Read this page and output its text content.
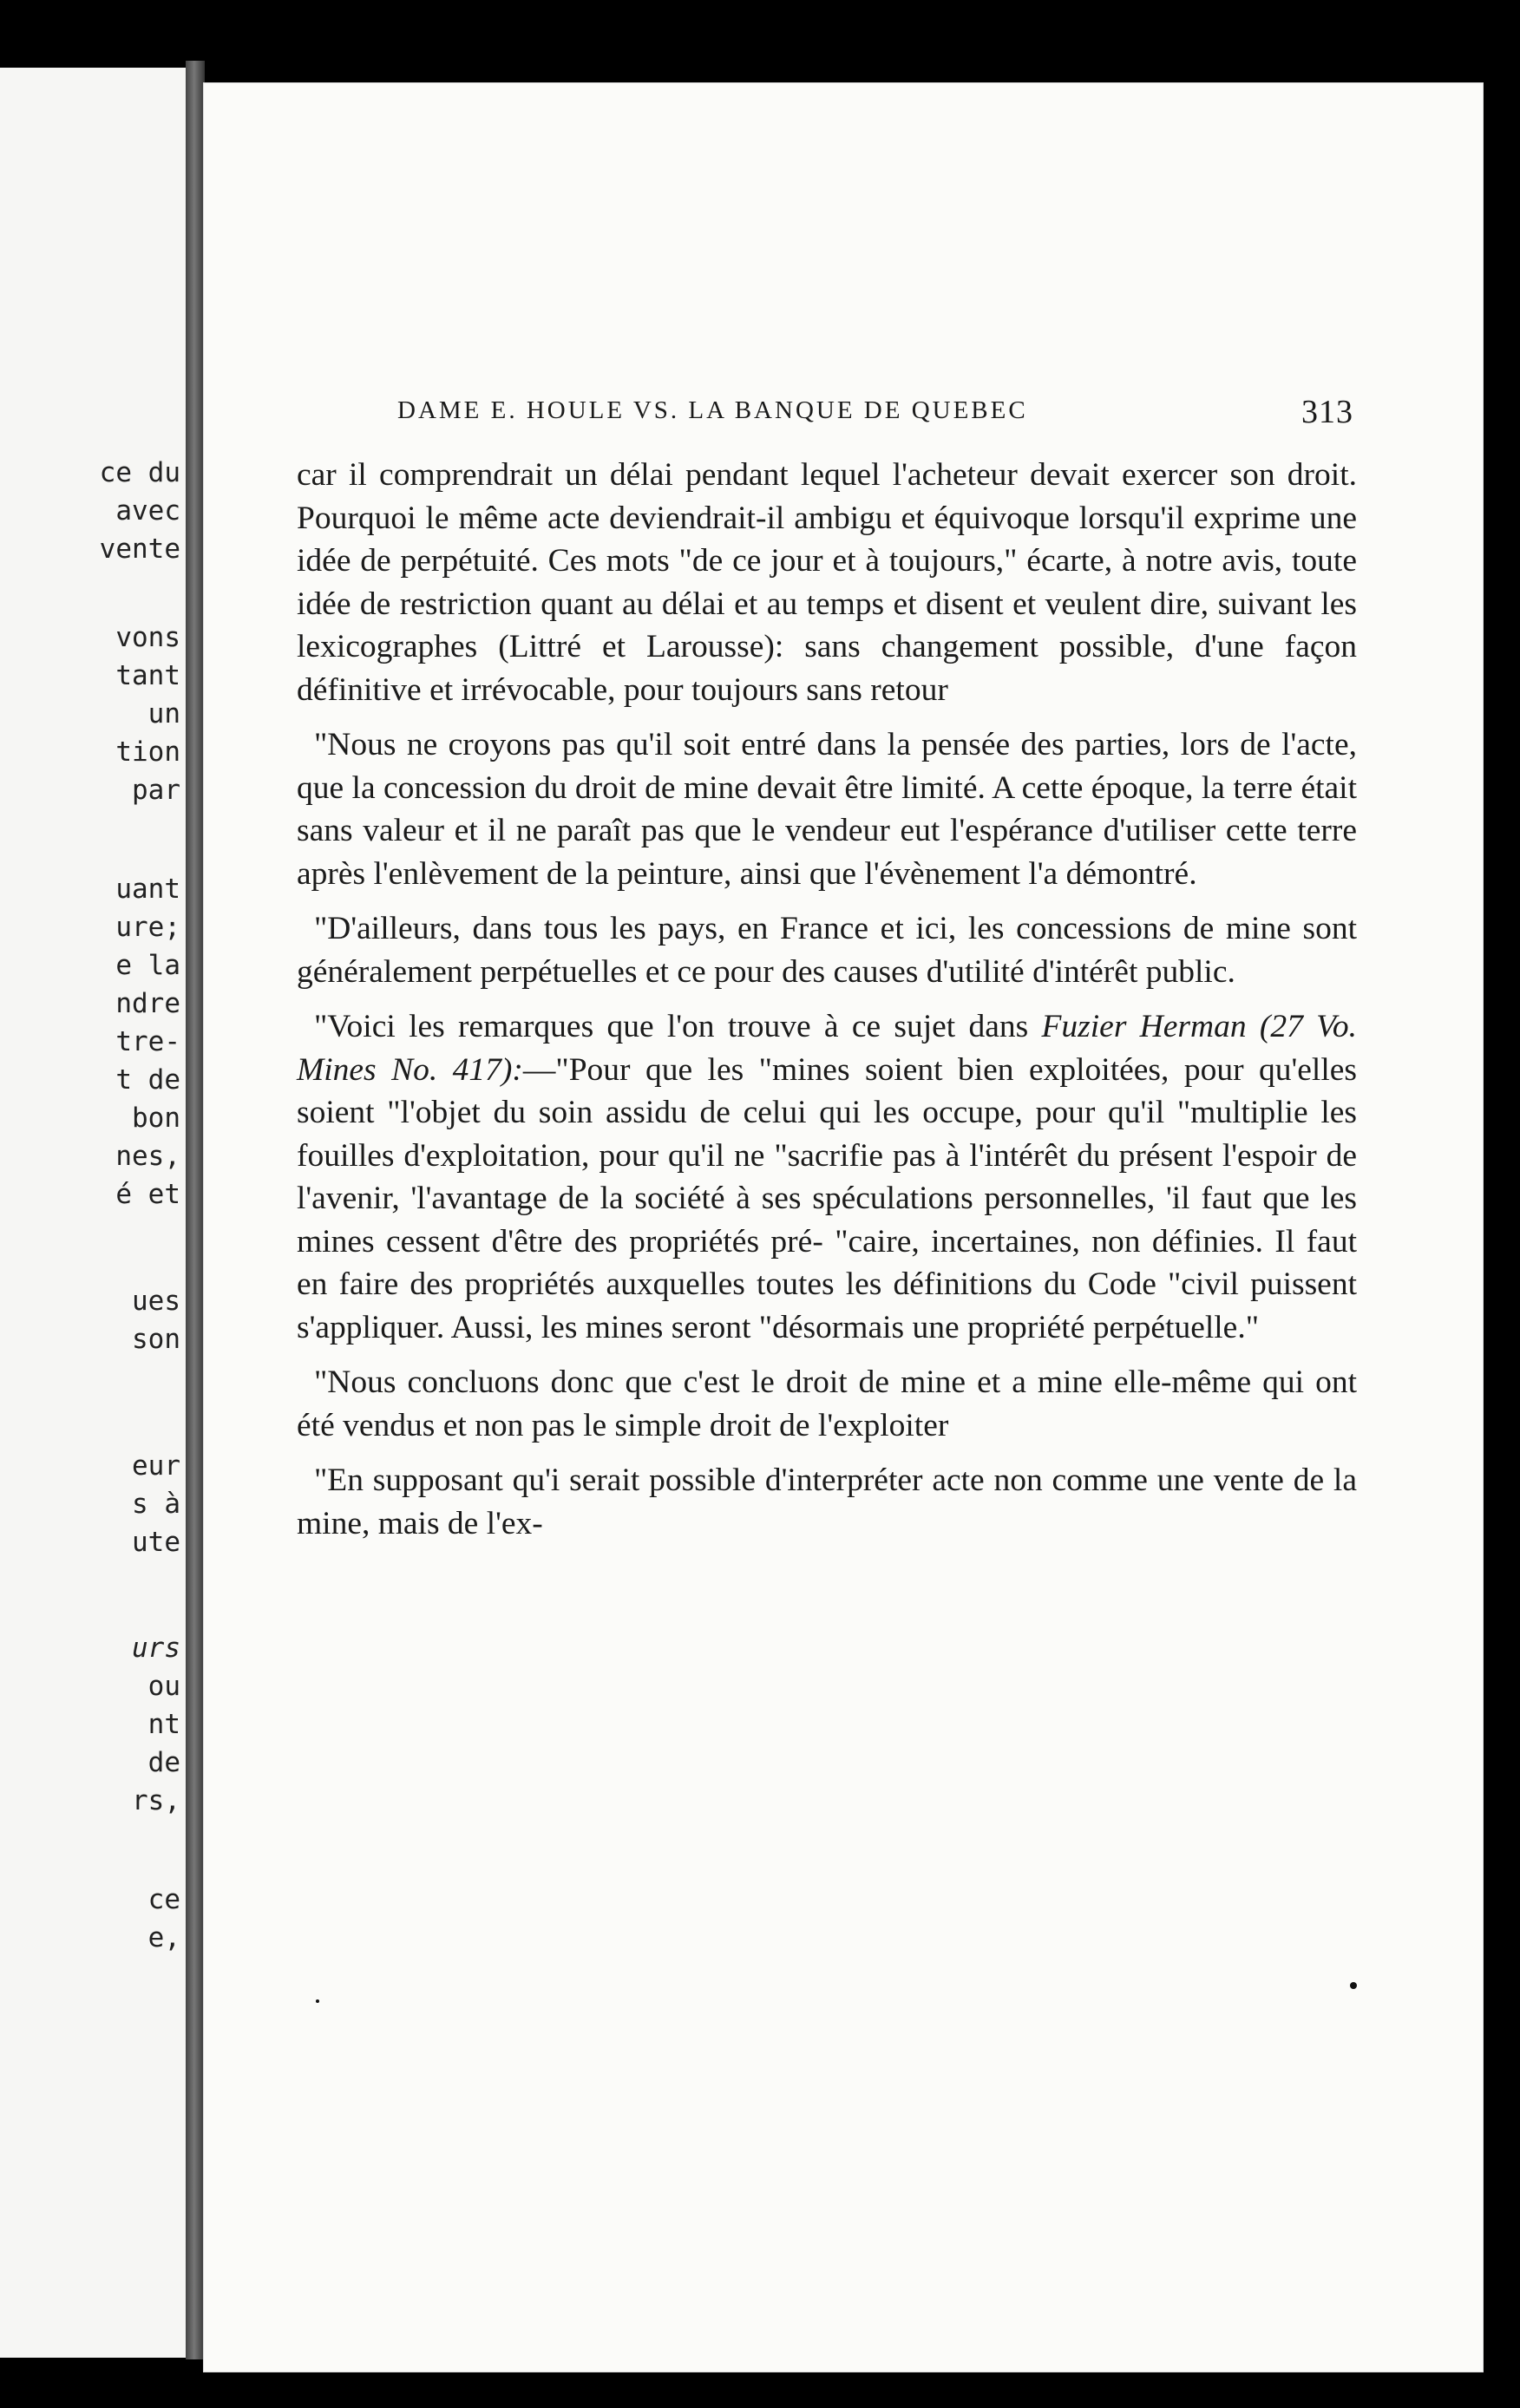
ce du
avec
vente
vons
tant
un
tion
par
uant
ure;
e la
ndre
tre-
t de
bon
nes,
é et
ues
son
eur
s à
ute
urs
ou
nt
de
rs,
ce
e,
DAME E. HOULE VS. LA BANQUE DE QUEBEC	313

car il comprendrait un délai pendant lequel l'acheteur devait exercer son droit. Pourquoi le même acte deviendrait-il ambigu et équivoque lorsqu'il exprime une idée de perpétuité. Ces mots "de ce jour et à toujours," écarte, à notre avis, toute idée de restriction quant au délai et au temps et disent et veulent dire, suivant les lexicographes (Littré et Larousse): sans changement possible, d'une façon définitive et irrévocable, pour toujours sans retour

"Nous ne croyons pas qu'il soit entré dans la pensée des parties, lors de l'acte, que la concession du droit de mine devait être limité. A cette époque, la terre était sans valeur et il ne paraît pas que le vendeur eut l'espérance d'utiliser cette terre après l'enlèvement de la peinture, ainsi que l'évènement l'a démontré.

"D'ailleurs, dans tous les pays, en France et ici, les concessions de mine sont généralement perpétuelles et ce pour des causes d'utilité d'intérêt public.

"Voici les remarques que l'on trouve à ce sujet dans Fuzier Herman (27 Vo. Mines No. 417):—"Pour que les "mines soient bien exploitées, pour qu'elles soient "l'objet du soin assidu de celui qui les occupe, pour qu'il "multiplie les fouilles d'exploitation, pour qu'il ne "sacrifie pas à l'intérêt du présent l'espoir de l'avenir, 'l'avantage de la société à ses spéculations personnelles, 'il faut que les mines cessent d'être des propriétés pré- "caire, incertaines, non définies. Il faut en faire des propriétés auxquelles toutes les définitions du Code "civil puissent s'appliquer. Aussi, les mines seront "désormais une propriété perpétuelle."

"Nous concluons donc que c'est le droit de mine et a mine elle-même qui ont été vendus et non pas le simple droit de l'exploiter

"En supposant qu'i serait possible d'interpréter acte non comme une vente de la mine, mais de l'ex-
